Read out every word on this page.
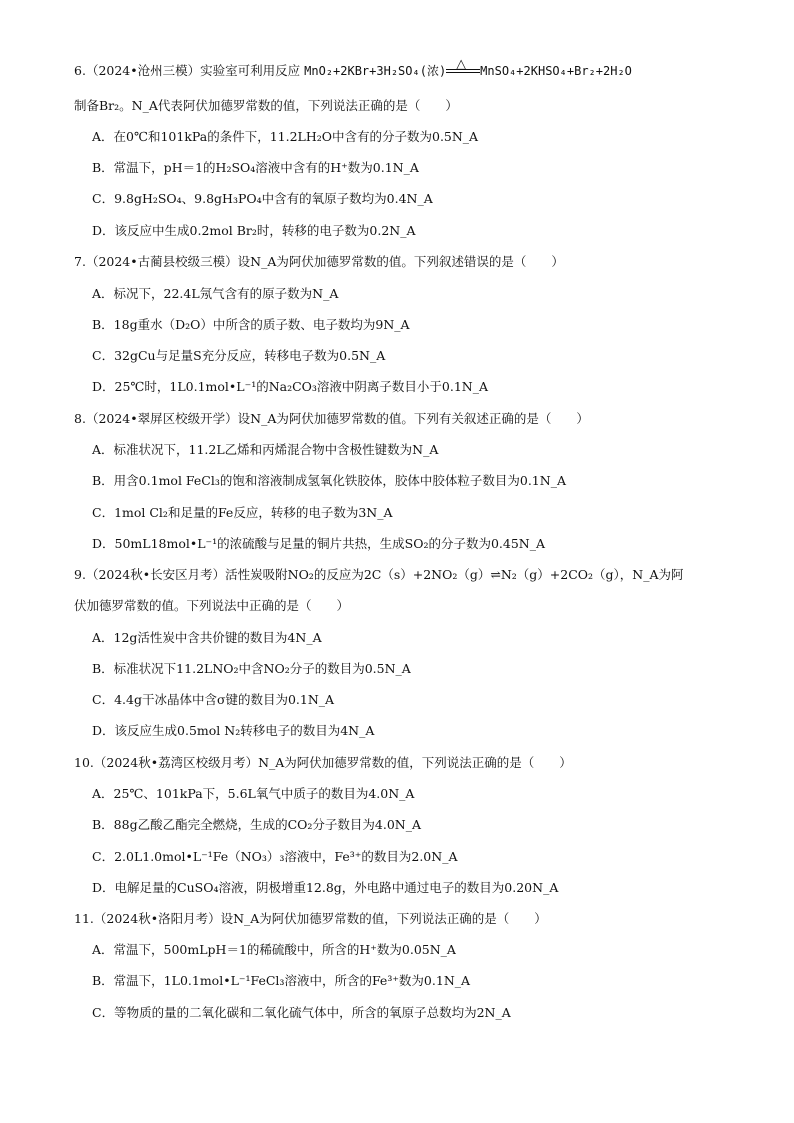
6.（2024•沧州三模）实验室可利用反应 MnO₂+2KBr+3H₂SO₄(浓) △ MnSO₄+2KHSO₄+Br₂+2H₂O
制备Br₂。N_A代表阿伏加德罗常数的值，下列说法正确的是（　　）
A．在0℃和101kPa的条件下，11.2LH₂O中含有的分子数为0.5N_A
B．常温下，pH＝1的H₂SO₄溶液中含有的H⁺数为0.1N_A
C．9.8gH₂SO₄、9.8gH₃PO₄中含有的氧原子数均为0.4N_A
D．该反应中生成0.2mol Br₂时，转移的电子数为0.2N_A
7.（2024•古蔺县校级三模）设N_A为阿伏加德罗常数的值。下列叙述错误的是（　　）
A．标况下，22.4L氖气含有的原子数为N_A
B．18g重水（D₂O）中所含的质子数、电子数均为9N_A
C．32gCu与足量S充分反应，转移电子数为0.5N_A
D．25℃时，1L0.1mol•L⁻¹的Na₂CO₃溶液中阴离子数目小于0.1N_A
8.（2024•翠屏区校级开学）设N_A为阿伏加德罗常数的值。下列有关叙述正确的是（　　）
A．标准状况下，11.2L乙烯和丙烯混合物中含极性键数为N_A
B．用含0.1mol FeCl₃的饱和溶液制成氢氧化铁胶体，胶体中胶体粒子数目为0.1N_A
C．1mol Cl₂和足量的Fe反应，转移的电子数为3N_A
D．50mL18mol•L⁻¹的浓硫酸与足量的铜片共热，生成SO₂的分子数为0.45N_A
9.（2024秋•长安区月考）活性炭吸附NO₂的反应为2C（s）+2NO₂（g）⇌N₂（g）+2CO₂（g），N_A为阿
伏加德罗常数的值。下列说法中正确的是（　　）
A．12g活性炭中含共价键的数目为4N_A
B．标准状况下11.2LNO₂中含NO₂分子的数目为0.5N_A
C．4.4g干冰晶体中含σ键的数目为0.1N_A
D．该反应生成0.5mol N₂转移电子的数目为4N_A
10.（2024秋•荔湾区校级月考）N_A为阿伏加德罗常数的值，下列说法正确的是（　　）
A．25℃、101kPa下，5.6L氧气中质子的数目为4.0N_A
B．88g乙酸乙酯完全燃烧，生成的CO₂分子数目为4.0N_A
C．2.0L1.0mol•L⁻¹Fe（NO₃）₃溶液中，Fe³⁺的数目为2.0N_A
D．电解足量的CuSO₄溶液，阴极增重12.8g，外电路中通过电子的数目为0.20N_A
11.（2024秋•洛阳月考）设N_A为阿伏加德罗常数的值，下列说法正确的是（　　）
A．常温下，500mLpH＝1的稀硫酸中，所含的H⁺数为0.05N_A
B．常温下，1L0.1mol•L⁻¹FeCl₃溶液中，所含的Fe³⁺数为0.1N_A
C．等物质的量的二氧化碳和二氧化硫气体中，所含的氧原子总数均为2N_A
